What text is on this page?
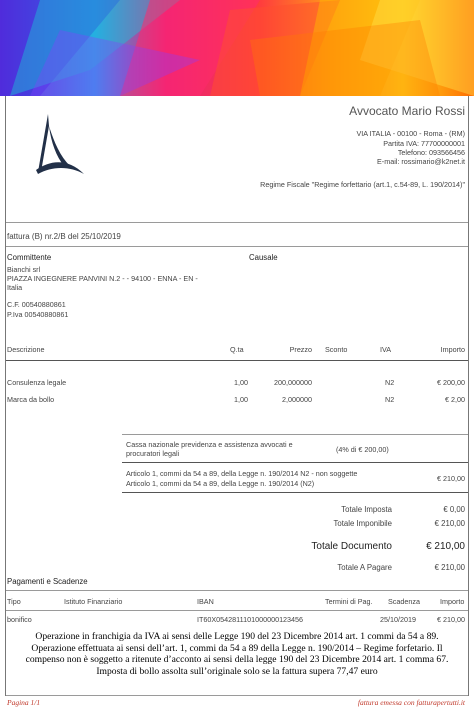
Avvocato Mario Rossi
VIA ITALIA - 00100 - Roma - (RM)
Partita IVA: 77700000001
Telefono: 093566456
E-mail: rossimario@k2net.it
Regime Fiscale "Regime forfettario (art.1, c.54-89, L. 190/2014)"
fattura (B) nr.2/B del 25/10/2019
Committente	Causale
Bianchi srl
PIAZZA INGEGNERE PANVINI N.2 - - 94100 - ENNA - EN -
Italia
C.F. 00540880861
P.Iva 00540880861
Descrizione	Q.ta	Prezzo Sconto	IVA	Importo
Consulenza legale	1,00	200,000000	N2	€ 200,00
Marca da bollo	1,00	2,000000	N2	€ 2,00
Cassa nazionale previdenza e assistenza avvocati e
procuratori legali	(4% di € 200,00)
Articolo 1, commi da 54 a 89, della Legge n. 190/2014 N2 - non soggette
Articolo 1, commi da 54 a 89, della Legge n. 190/2014 (N2)
€ 210,00
Totale Imposta	€ 0,00
Totale Imponibile	€ 210,00
Totale Documento	€ 210,00
Totale A Pagare	€ 210,00
Pagamenti e Scadenze
Tipo	Istituto Finanziario	IBAN	Termini di Pag. Scadenza	Importo
bonifico	IT60X0542811101000000123456	25/10/2019	€ 210,00
Operazione in franchigia da IVA ai sensi delle Legge 190 del 23 Dicembre 2014 art. 1 commi da 54 a 89.
Operazione effettuata ai sensi dell’art. 1, commi da 54 a 89 della Legge n. 190/2014 – Regime forfetario. Il
compenso non è soggetto a ritenute d’acconto ai sensi della legge 190 del 23 Dicembre 2014 art. 1 comma 67.
Imposta di bollo assolta sull’originale solo se la fattura supera 77,47 euro
Pagina 1/1	fattura emessa con fatturapertutti.it
